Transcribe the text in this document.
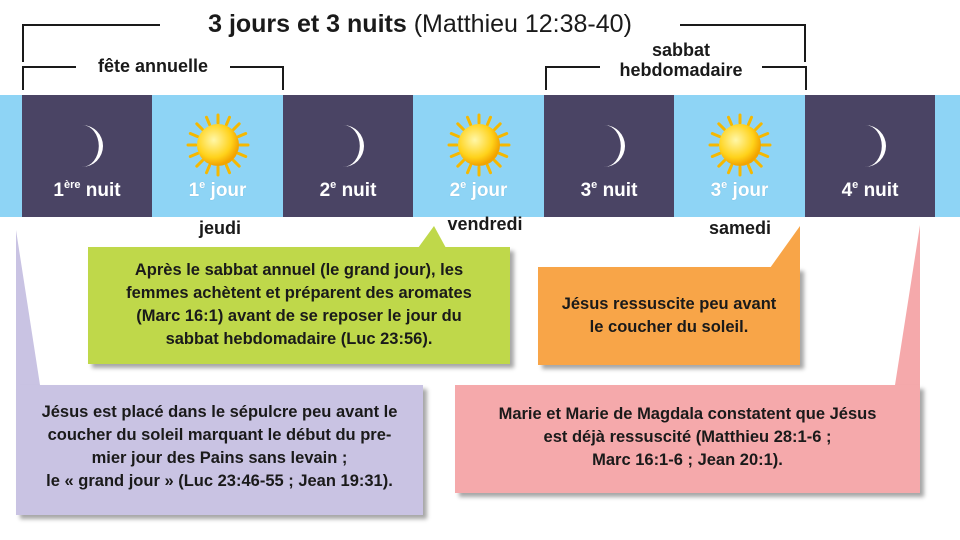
3 jours et 3 nuits (Matthieu 12:38-40)
fête annuelle
sabbat
hebdomadaire
1ère nuit	1e jour	2e nuit	2e jour	3e nuit	3e jour	4e nuit
jeudi	vendredi	samedi
Jésus est placé dans le sépulcre peu avant le
coucher du soleil marquant le début du pre-
mier jour des Pains sans levain ;
le « grand jour » (Luc 23:46-55 ; Jean 19:31).
Marie et Marie de Magdala constatent que Jésus
est déjà ressuscité (Matthieu 28:1-6 ;
Marc 16:1-6 ; Jean 20:1).
Après le sabbat annuel (le grand jour), les
femmes achètent et préparent des aromates
(Marc 16:1) avant de se reposer le jour du
sabbat hebdomadaire (Luc 23:56).
Jésus ressuscite peu avant
le coucher du soleil.
